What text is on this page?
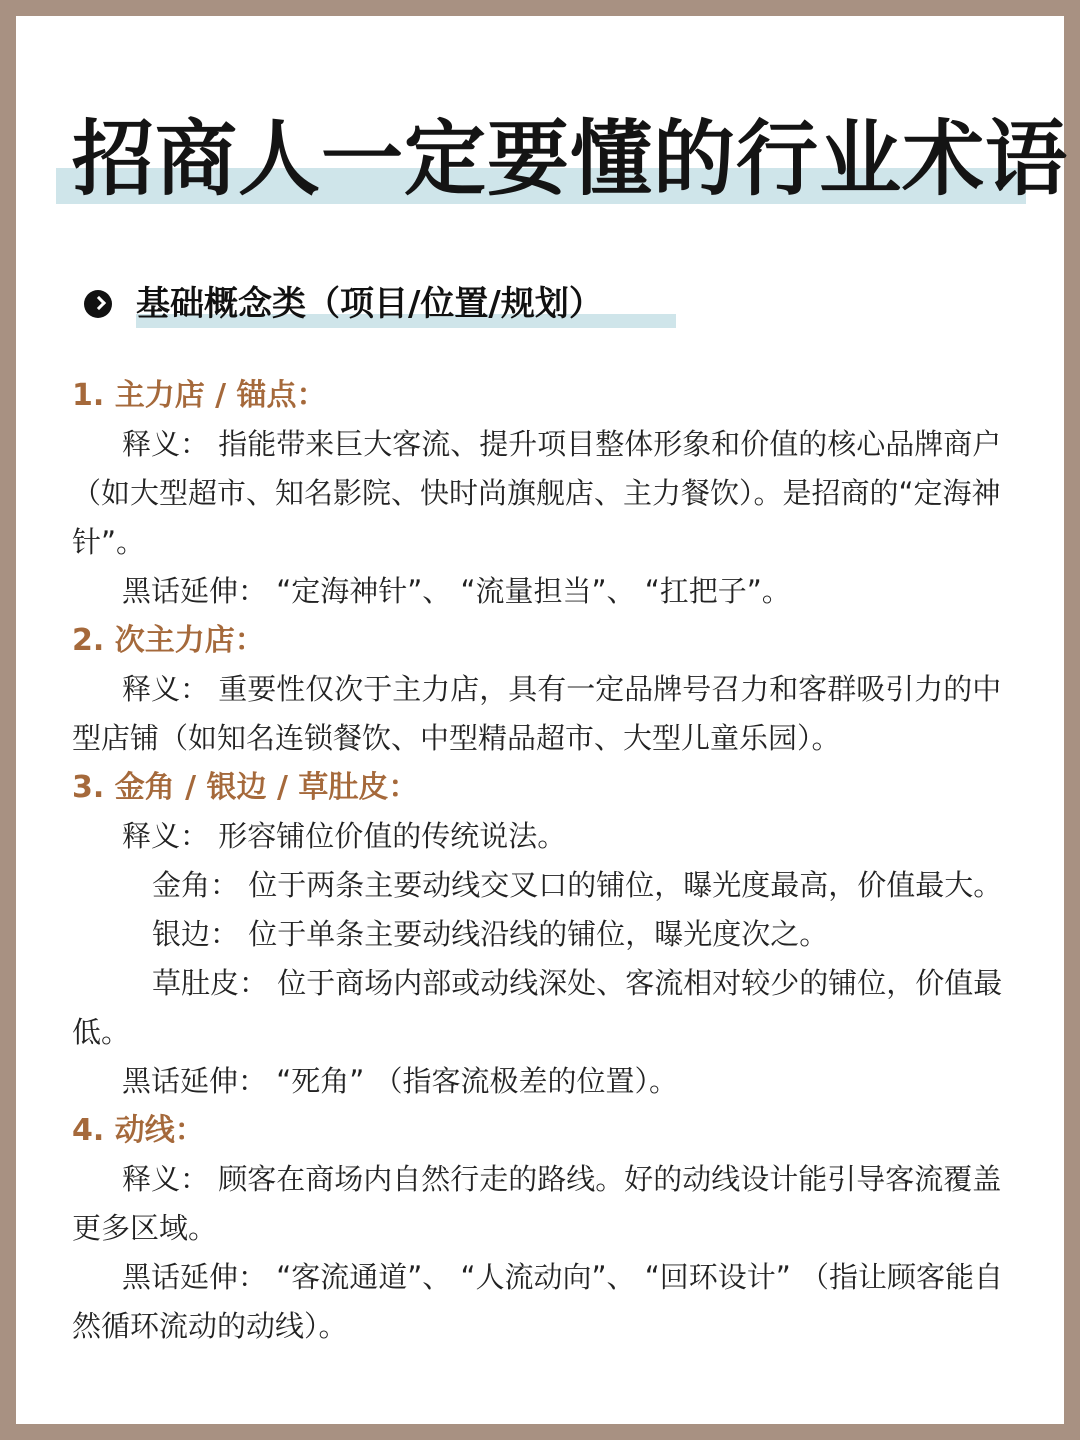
招商人一定要懂的行业术语
基础概念类（项目/位置/规划）

1. 主力店 / 锚点：

释义： 指能带来巨大客流、提升项目整体形象和价值的核心品牌商户（如大型超市、知名影院、快时尚旗舰店、主力餐饮）。是招商的“定海神针”。

黑话延伸： “定海神针”、 “流量担当”、 “扛把子”。

2. 次主力店：

释义： 重要性仅次于主力店，具有一定品牌号召力和客群吸引力的中型店铺（如知名连锁餐饮、中型精品超市、大型儿童乐园）。

3. 金角 / 银边 / 草肚皮：

释义： 形容铺位价值的传统说法。

金角： 位于两条主要动线交叉口的铺位，曝光度最高，价值最大。

银边： 位于单条主要动线沿线的铺位，曝光度次之。

草肚皮： 位于商场内部或动线深处、客流相对较少的铺位，价值最低。

黑话延伸： “死角” （指客流极差的位置）。

4. 动线：

释义： 顾客在商场内自然行走的路线。好的动线设计能引导客流覆盖更多区域。

黑话延伸： “客流通道”、 “人流动向”、 “回环设计” （指让顾客能自然循环流动的动线）。
